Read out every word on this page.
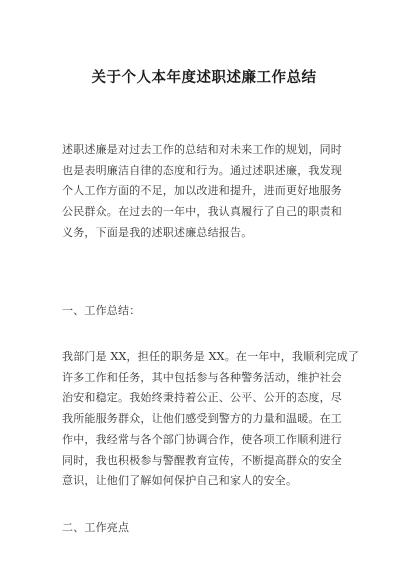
关于个人本年度述职述廉工作总结

述职述廉是对过去工作的总结和对未来工作的规划，同时
也是表明廉洁自律的态度和行为。通过述职述廉，我发现
个人工作方面的不足，加以改进和提升，进而更好地服务
公民群众。在过去的一年中，我认真履行了自己的职责和
义务，下面是我的述职述廉总结报告。

一、工作总结：

我部门是 XX，担任的职务是 XX。在一年中，我顺利完成了
许多工作和任务，其中包括参与各种警务活动，维护社会
治安和稳定。我始终秉持着公正、公平、公开的态度，尽
我所能服务群众，让他们感受到警方的力量和温暖。在工
作中，我经常与各个部门协调合作，使各项工作顺利进行
同时，我也积极参与警醒教育宣传，不断提高群众的安全
意识，让他们了解如何保护自己和家人的安全。

二、工作亮点
